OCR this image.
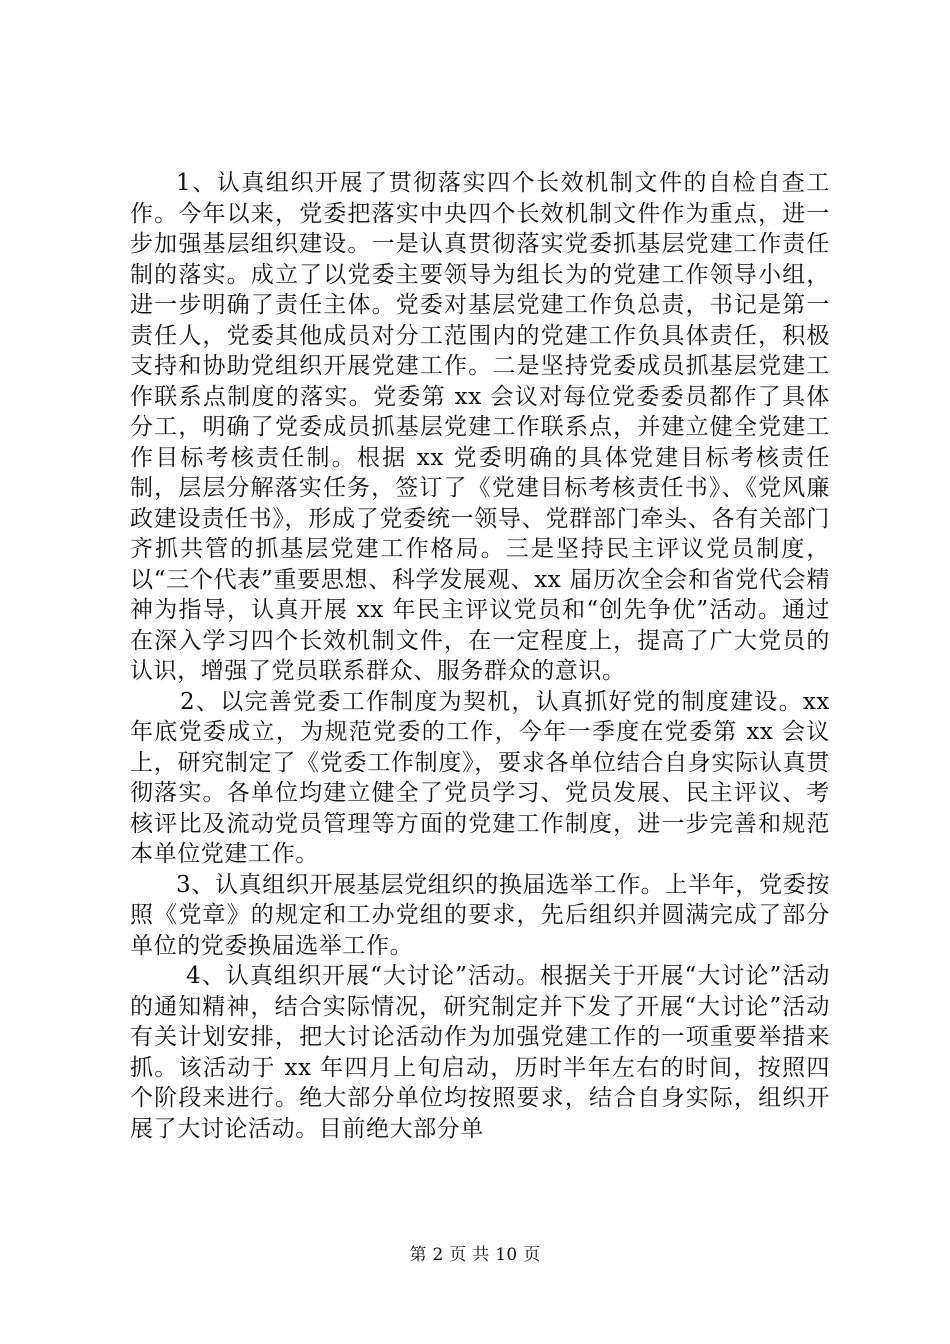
1、认真组织开展了贯彻落实四个长效机制文件的自检自查工作。今年以来，党委把落实中央四个长效机制文件作为重点，进一步加强基层组织建设。一是认真贯彻落实党委抓基层党建工作责任制的落实。成立了以党委主要领导为组长为的党建工作领导小组，进一步明确了责任主体。党委对基层党建工作负总责，书记是第一责任人，党委其他成员对分工范围内的党建工作负具体责任，积极支持和协助党组织开展党建工作。二是坚持党委成员抓基层党建工作联系点制度的落实。党委第 xx 会议对每位党委委员都作了具体分工，明确了党委成员抓基层党建工作联系点，并建立健全党建工作目标考核责任制。根据 xx 党委明确的具体党建目标考核责任制，层层分解落实任务，签订了《党建目标考核责任书》、《党风廉政建设责任书》，形成了党委统一领导、党群部门牵头、各有关部门齐抓共管的抓基层党建工作格局。三是坚持民主评议党员制度，以“三个代表”重要思想、科学发展观、xx 届历次全会和省党代会精神为指导，认真开展 xx 年民主评议党员和“创先争优”活动。通过在深入学习四个长效机制文件，在一定程度上，提高了广大党员的认识，增强了党员联系群众、服务群众的意识。

2、以完善党委工作制度为契机，认真抓好党的制度建设。xx 年底党委成立，为规范党委的工作，今年一季度在党委第 xx 会议上，研究制定了《党委工作制度》，要求各单位结合自身实际认真贯彻落实。各单位均建立健全了党员学习、党员发展、民主评议、考核评比及流动党员管理等方面的党建工作制度，进一步完善和规范本单位党建工作。

3、认真组织开展基层党组织的换届选举工作。上半年，党委按照《党章》的规定和工办党组的要求，先后组织并圆满完成了部分单位的党委换届选举工作。

4、认真组织开展“大讨论”活动。根据关于开展“大讨论”活动的通知精神，结合实际情况，研究制定并下发了开展“大讨论”活动有关计划安排，把大讨论活动作为加强党建工作的一项重要举措来抓。该活动于 xx 年四月上旬启动，历时半年左右的时间，按照四个阶段来进行。绝大部分单位均按照要求，结合自身实际，组织开展了大讨论活动。目前绝大部分单

第 2 页 共 10 页
